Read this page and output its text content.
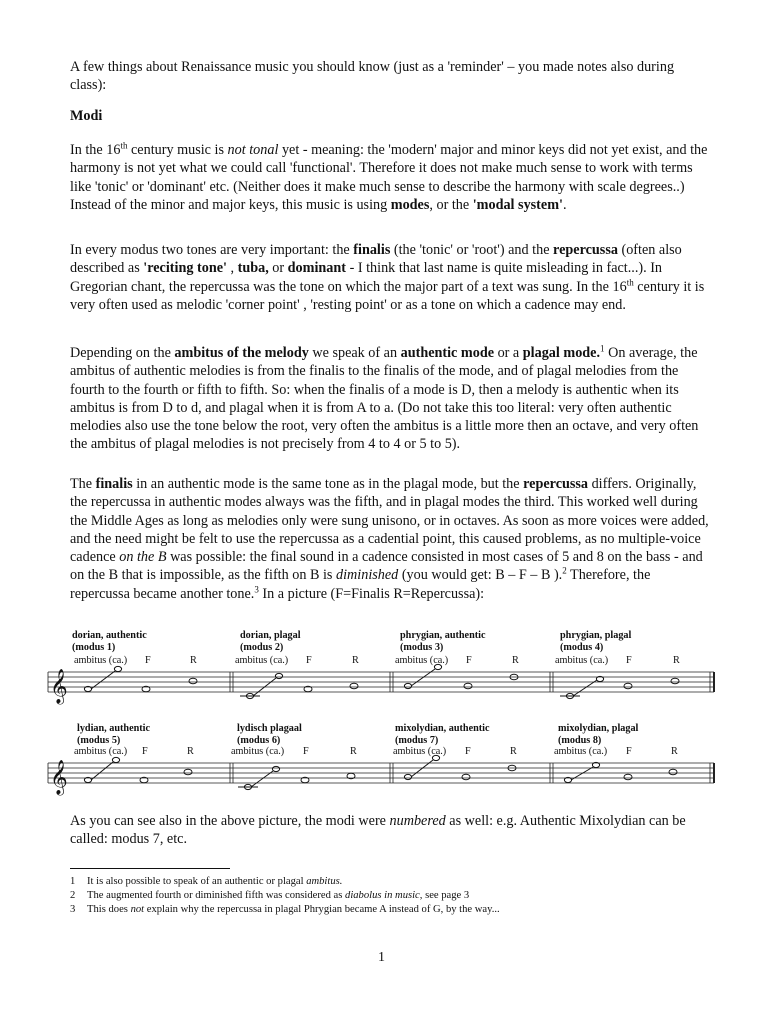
A few things about Renaissance music you should know (just as a 'reminder' – you made notes also during class):

Modi

In the 16th century music is not tonal yet - meaning: the 'modern' major and minor keys did not yet exist, and the harmony is not yet what we could call 'functional'. Therefore it does not make much sense to work with terms like 'tonic' or 'dominant' etc. (Neither does it make much sense to describe the harmony with scale degrees..) Instead of the minor and major keys, this music is using modes, or the 'modal system'.

In every modus two tones are very important: the finalis (the 'tonic' or 'root') and the repercussa (often also described as 'reciting tone' , tuba, or dominant - I think that last name is quite misleading in fact...). In Gregorian chant, the repercussa was the tone on which the major part of a text was sung. In the 16th century it is very often used as melodic 'corner point' , 'resting point' or as a tone on which a cadence may end.

Depending on the ambitus of the melody we speak of an authentic mode or a plagal mode.$^1$ On average, the ambitus of authentic melodies is from the finalis to the finalis of the mode, and of plagal melodies from the fourth to the fourth or fifth to fifth. So: when the finalis of a mode is D, then a melody is authentic when its ambitus is from D to d, and plagal when it is from A to a. (Do not take this too literal: very often authentic melodies also use the tone below the root, very often the ambitus is a little more then an octave, and very often the ambitus of plagal melodies is not precisely from 4 to 4 or 5 to 5).

The finalis in an authentic mode is the same tone as in the plagal mode, but the repercussa differs. Originally, the repercussa in authentic modes always was the fifth, and in plagal modes the third. This worked well during the Middle Ages as long as melodies only were sung unisono, or in octaves. As soon as more voices were added, and the need might be felt to use the repercussa as a cadential point, this caused problems, as no multiple-voice cadence on the B was possible: the final sound in a cadence consisted in most cases of 5 and 8 on the bass - and on the B that is impossible, as the fifth on B is diminished (you would get: B – F – B ).$^2$ Therefore, the repercussa became another tone.$^3$ In a picture (F=Finalis R=Repercussa):

dorian, authentic
(modus 1)
dorian, plagal
(modus 2)
phrygian, authentic
(modus 3)
phrygian, plagal
(modus 4)
lydian, authentic
(modus 5)
lydisch plagaal
(modus 6)
mixolydian, authentic
(modus 7)
mixolydian, plagal
(modus 8)
ambitus (ca.) F	R	ambitus (ca.) F	R	ambitus (ca.) F	R	ambitus (ca.) F	R
ambitus (ca.) F	R	ambitus (ca.) F	R	ambitus (ca.) F	R	ambitus (ca.) F	R
𝄞
𝄞

As you can see also in the above picture, the modi were numbered as well: e.g. Authentic Mixolydian can be called: modus 7, etc.

1 It is also possible to speak of an authentic or plagal ambitus.
2 The augmented fourth or diminished fifth was considered as diabolus in music, see page 3
3 This does not explain why the repercussa in plagal Phrygian became A instead of G, by the way...
1
